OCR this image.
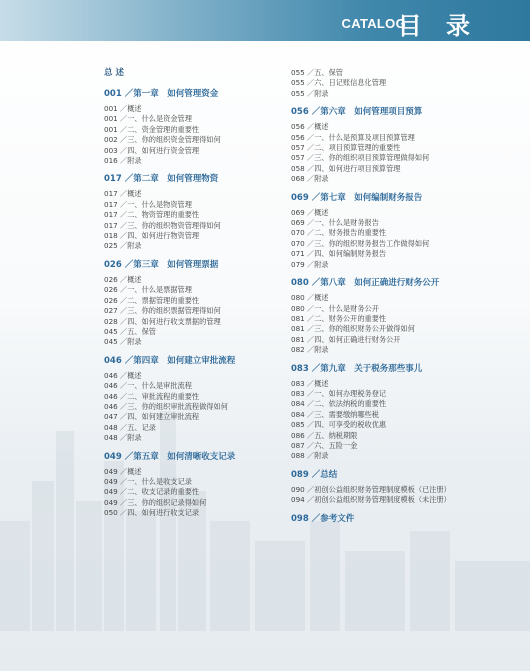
CATALOG
目 录
总 述
001 ／第一章　如何管理资金
001 ／概述
001 ／一、什么是资金管理
001 ／二、资金管理的重要性
002 ／三、你的组织资金管理得如何
003 ／四、如何进行资金管理
016 ／附录
017 ／第二章　如何管理物资
017 ／概述
017 ／一、什么是物资管理
017 ／二、物资管理的重要性
017 ／三、你的组织物资管理得如何
018 ／四、如何进行物资管理
025 ／附录
026 ／第三章　如何管理票据
026 ／概述
026 ／一、什么是票据管理
026 ／二、票据管理的重要性
027 ／三、你的组织票据管理得如何
028 ／四、如何进行收支票据的管理
045 ／五、保管
045 ／附录
046 ／第四章　如何建立审批流程
046 ／概述
046 ／一、什么是审批流程
046 ／二、审批流程的重要性
046 ／三、你的组织审批流程做得如何
047 ／四、如何建立审批流程
048 ／五、记录
048 ／附录
049 ／第五章　如何清晰收支记录
049 ／概述
049 ／一、什么是收支记录
049 ／二、收支记录的重要性
049 ／三、你的组织记录得如何
050 ／四、如何进行收支记录
055 ／五、保管
055 ／六、日记账信息化管理
055 ／附录
056 ／第六章　如何管理项目预算
056 ／概述
056 ／一、什么是预算及项目预算管理
057 ／二、项目预算管理的重要性
057 ／三、你的组织项目预算管理做得如何
058 ／四、如何进行项目预算管理
068 ／附录
069 ／第七章　如何编制财务报告
069 ／概述
069 ／一、什么是财务报告
070 ／二、财务报告的重要性
070 ／三、你的组织财务报告工作做得如何
071 ／四、如何编制财务报告
079 ／附录
080 ／第八章　如何正确进行财务公开
080 ／概述
080 ／一、什么是财务公开
081 ／二、财务公开的重要性
081 ／三、你的组织财务公开做得如何
081 ／四、如何正确进行财务公开
082 ／附录
083 ／第九章　关于税务那些事儿
083 ／概述
083 ／一、如何办理税务登记
084 ／二、依法纳税的重要性
084 ／三、需要缴纳哪些税
085 ／四、可享受的税收优惠
086 ／五、纳税期限
087 ／六、五险一金
088 ／附录
089 ／总结
090 ／初创公益组织财务管理制度模板（已注册）
094 ／初创公益组织财务管理制度模板（未注册）
098 ／参考文件
